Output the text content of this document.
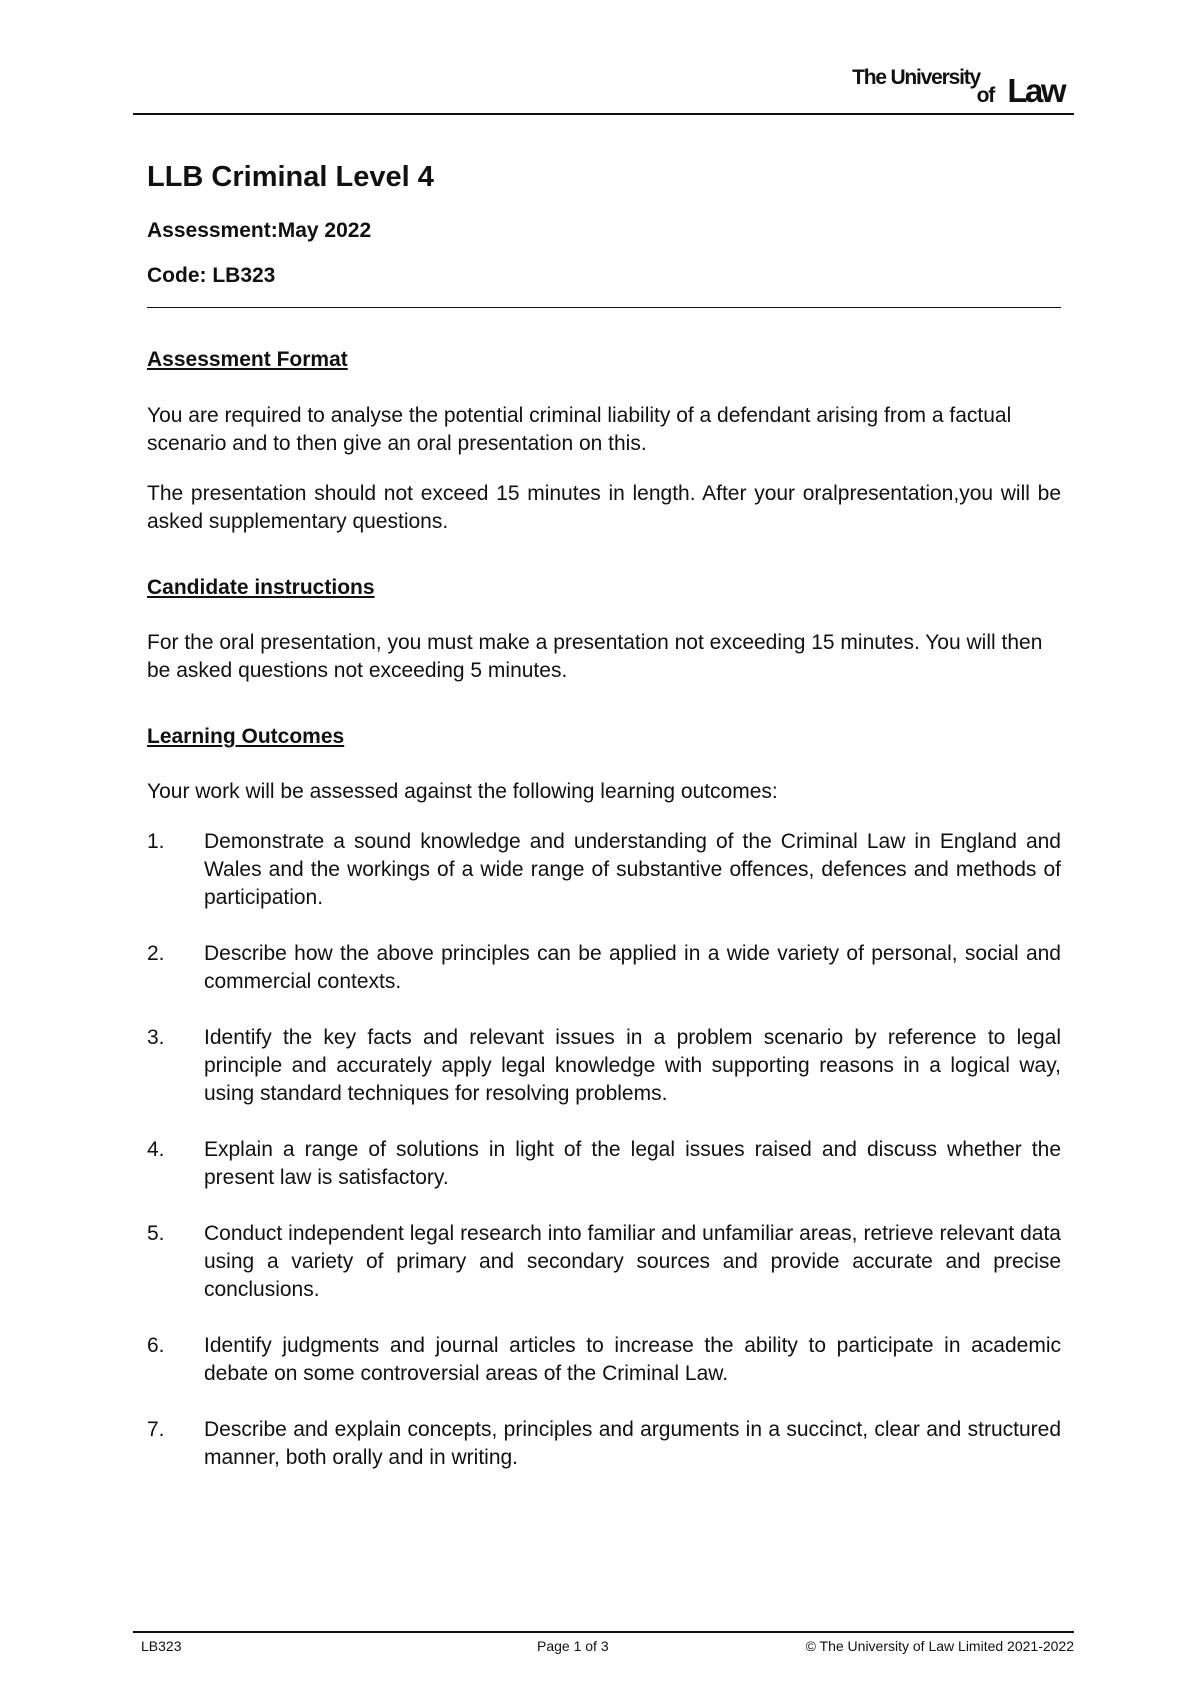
The University
of Law
LLB Criminal Level 4

Assessment:May 2022

Code: LB323

Assessment Format

You are required to analyse the potential criminal liability of a defendant arising from a factual scenario and to then give an oral presentation on this.

The presentation should not exceed 15 minutes in length. After your oralpresentation,you will be asked supplementary questions.

Candidate instructions

For the oral presentation, you must make a presentation not exceeding 15 minutes. You will then be asked questions not exceeding 5 minutes.

Learning Outcomes

Your work will be assessed against the following learning outcomes:

1.	Demonstrate a sound knowledge and understanding of the Criminal Law in England and Wales and the workings of a wide range of substantive offences, defences and methods of participation.
2.	Describe how the above principles can be applied in a wide variety of personal, social and commercial contexts.
3.	Identify the key facts and relevant issues in a problem scenario by reference to legal principle and accurately apply legal knowledge with supporting reasons in a logical way, using standard techniques for resolving problems.
4.	Explain a range of solutions in light of the legal issues raised and discuss whether the present law is satisfactory.
5.	Conduct independent legal research into familiar and unfamiliar areas, retrieve relevant data using a variety of primary and secondary sources and provide accurate and precise conclusions.
6.	Identify judgments and journal articles to increase the ability to participate in academic debate on some controversial areas of the Criminal Law.
7.	Describe and explain concepts, principles and arguments in a succinct, clear and structured manner, both orally and in writing.
LB323	Page 1 of 3	© The University of Law Limited 2021-2022
